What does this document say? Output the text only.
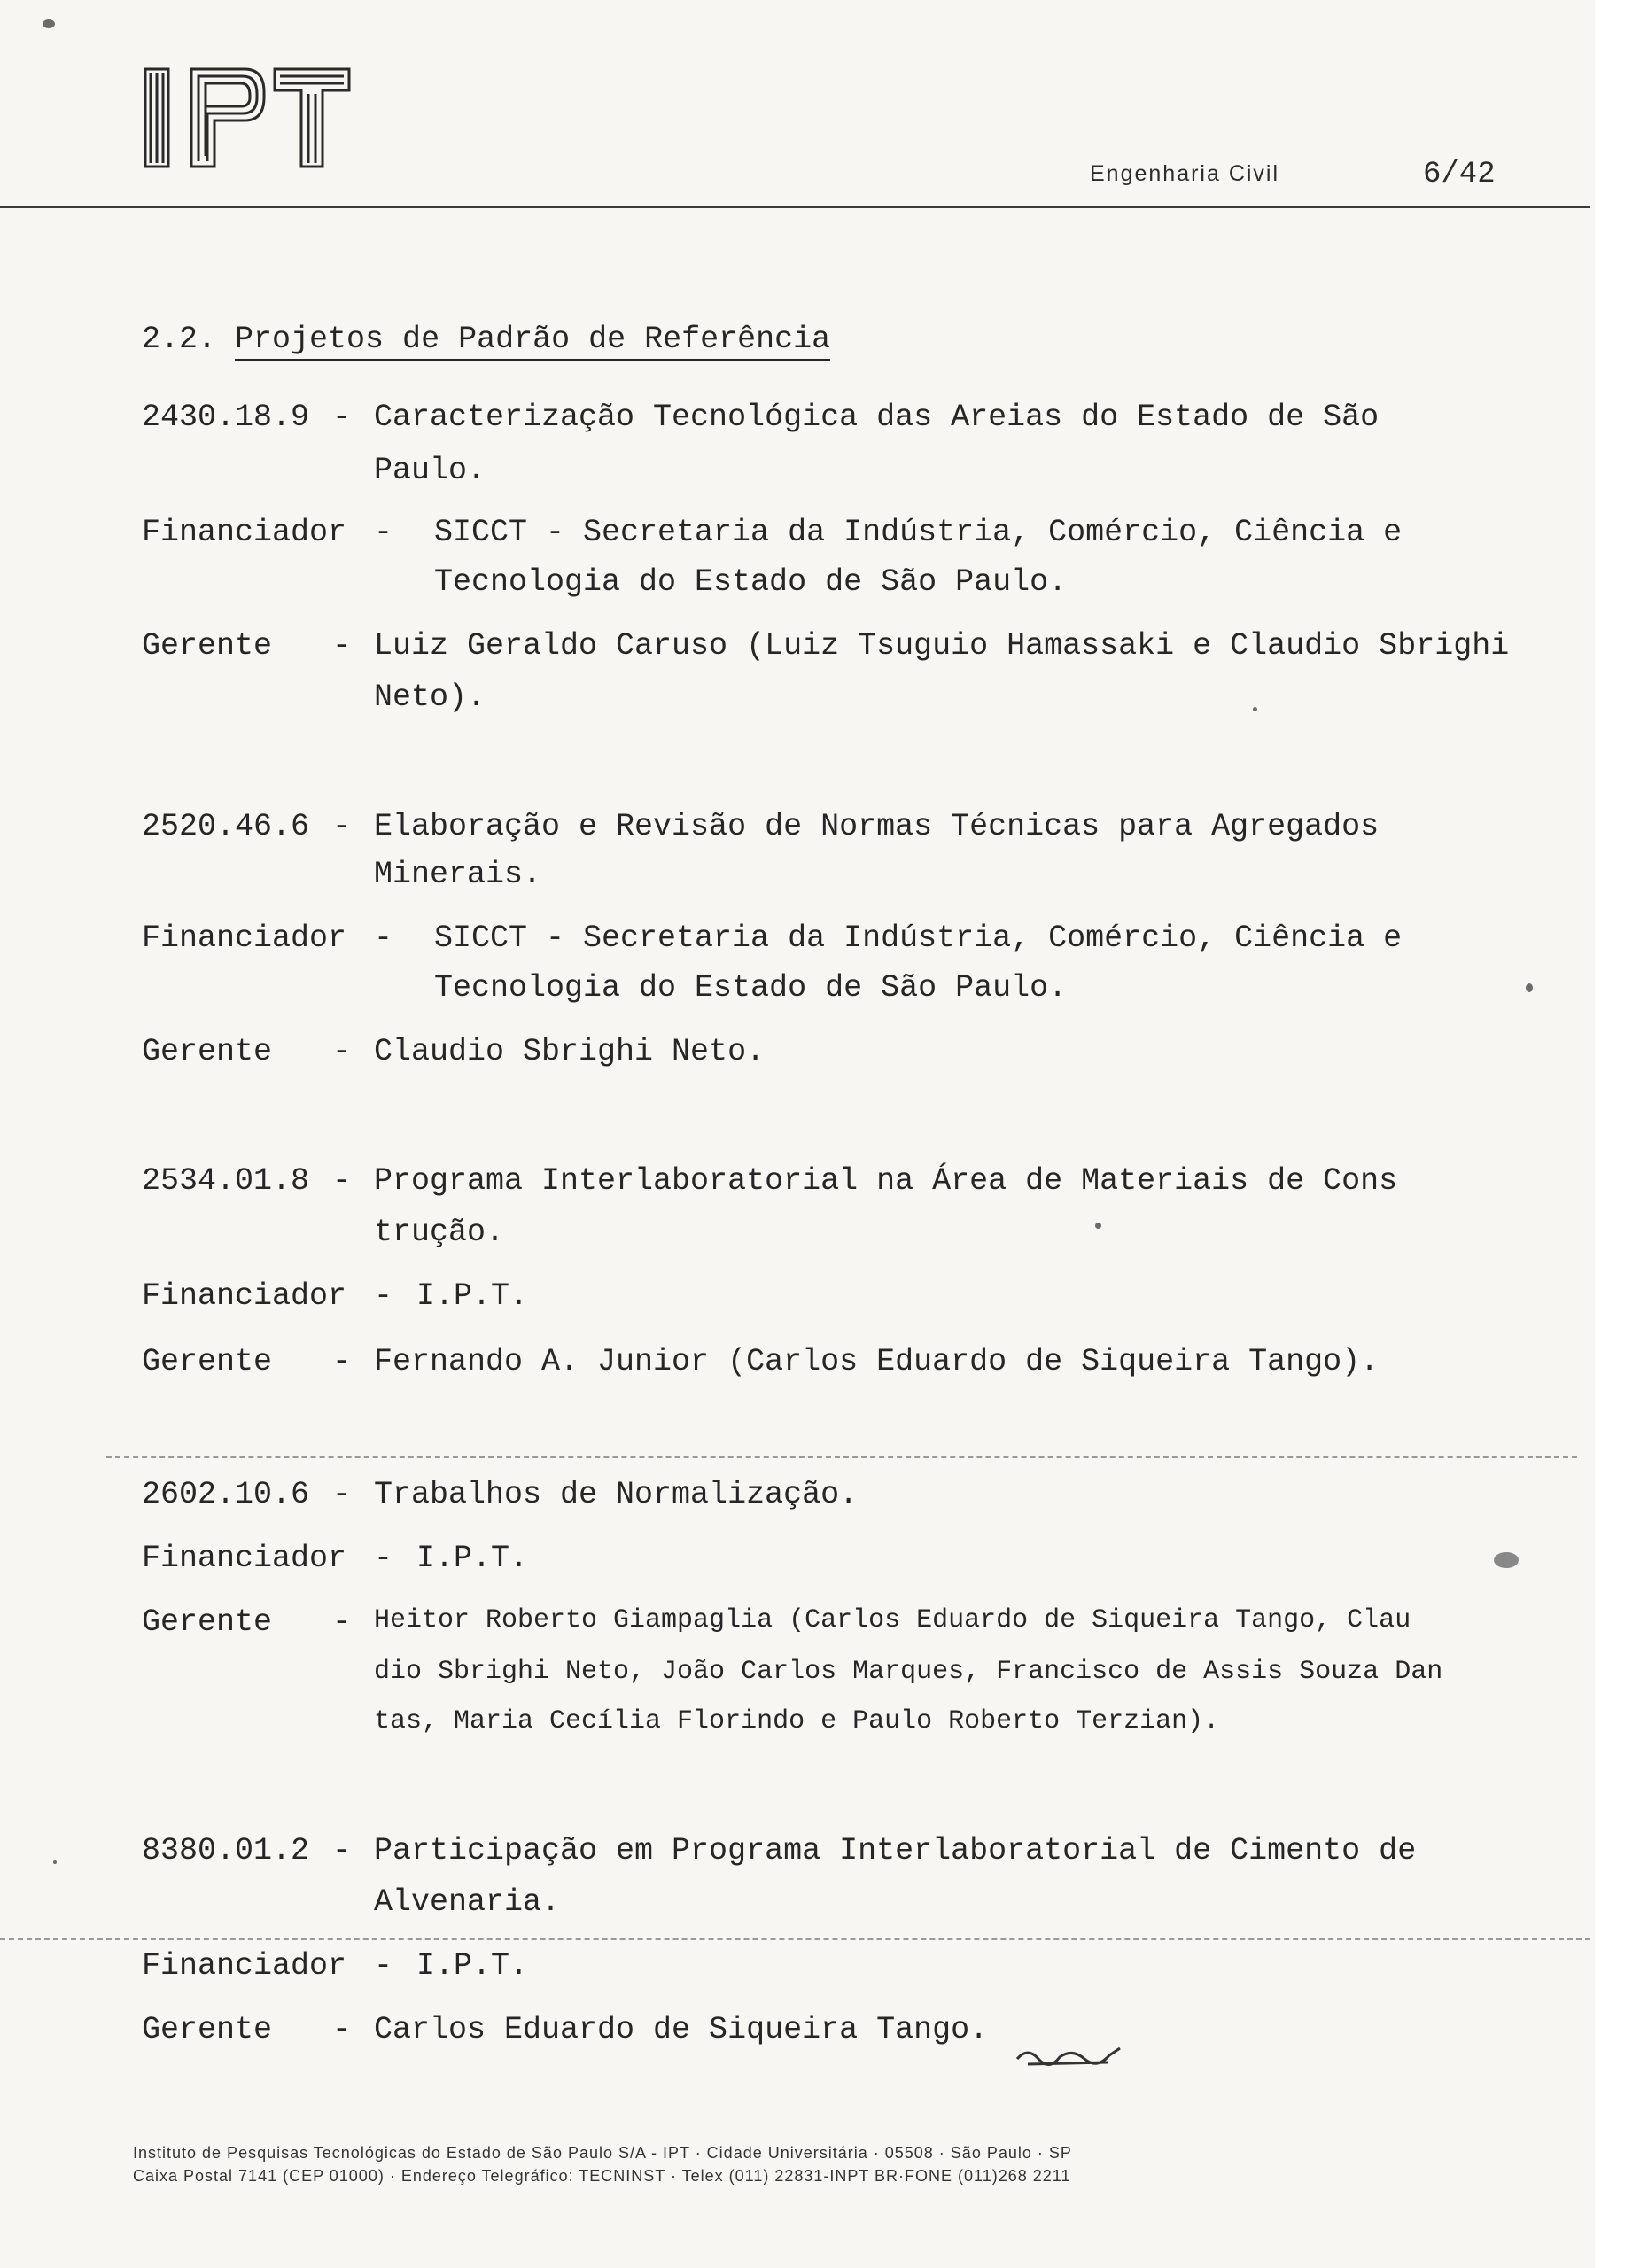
Engenharia Civil	6/42
2.2. Projetos de Padrão de Referência
2430.18.9 - Caracterização Tecnológica das Areias do Estado de São
Paulo.
Financiador - SICCT - Secretaria da Indústria, Comércio, Ciência e
Tecnologia do Estado de São Paulo.
Gerente - Luiz Geraldo Caruso (Luiz Tsuguio Hamassaki e Claudio Sbrighi
Neto).
2520.46.6 - Elaboração e Revisão de Normas Técnicas para Agregados
Minerais.
Financiador - SICCT - Secretaria da Indústria, Comércio, Ciência e
Tecnologia do Estado de São Paulo.
Gerente - Claudio Sbrighi Neto.
2534.01.8 - Programa Interlaboratorial na Área de Materiais de Cons
trução.
Financiador - I.P.T.
Gerente - Fernando A. Junior (Carlos Eduardo de Siqueira Tango).
2602.10.6 - Trabalhos de Normalização.
Financiador - I.P.T.
Gerente - Heitor Roberto Giampaglia (Carlos Eduardo de Siqueira Tango, Clau
dio Sbrighi Neto, João Carlos Marques, Francisco de Assis Souza Dan
tas, Maria Cecília Florindo e Paulo Roberto Terzian).
8380.01.2 - Participação em Programa Interlaboratorial de Cimento de
Alvenaria.
Financiador - I.P.T.
Gerente - Carlos Eduardo de Siqueira Tango.
Instituto de Pesquisas Tecnológicas do Estado de São Paulo S/A - IPT · Cidade Universitária · 05508 · São Paulo · SP
Caixa Postal 7141 (CEP 01000) · Endereço Telegráfico: TECNINST · Telex (011) 22831-INPT BR·FONE (011)268 2211
